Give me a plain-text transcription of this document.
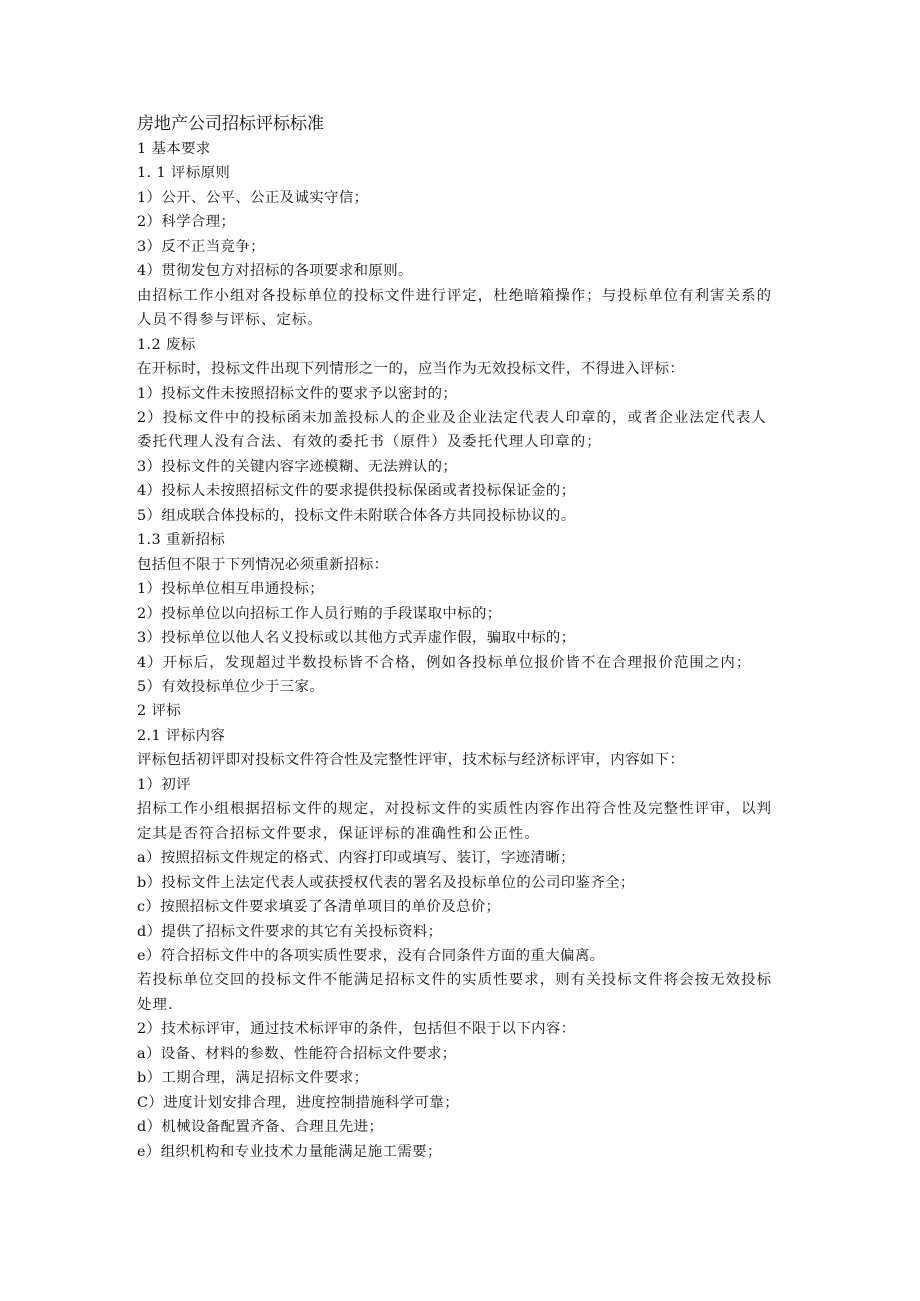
房地产公司招标评标标准
1 基本要求
1. 1 评标原则
1）公开、公平、公正及诚实守信；
2）科学合理；
3）反不正当竞争；
4）贯彻发包方对招标的各项要求和原则。
由招标工作小组对各投标单位的投标文件进行评定，杜绝暗箱操作；与投标单位有利害关系的人员不得参与评标、定标。
1.2 废标
在开标时，投标文件出现下列情形之一的，应当作为无效投标文件，不得进入评标：
1）投标文件未按照招标文件的要求予以密封的；
2）投标文件中的投标函未加盖投标人的企业及企业法定代表人印章的，或者企业法定代表人委托代理人没有合法、有效的委托书（原件）及委托代理人印章的；
3）投标文件的关键内容字迹模糊、无法辨认的；
4）投标人未按照招标文件的要求提供投标保函或者投标保证金的；
5）组成联合体投标的，投标文件未附联合体各方共同投标协议的。
1.3 重新招标
包括但不限于下列情况必须重新招标：
1）投标单位相互串通投标；
2）投标单位以向招标工作人员行贿的手段谋取中标的；
3）投标单位以他人名义投标或以其他方式弄虚作假，骗取中标的；
4）开标后，发现超过半数投标皆不合格，例如各投标单位报价皆不在合理报价范围之内；
5）有效投标单位少于三家。
2 评标
2.1 评标内容
评标包括初评即对投标文件符合性及完整性评审，技术标与经济标评审，内容如下：
1）初评
招标工作小组根据招标文件的规定，对投标文件的实质性内容作出符合性及完整性评审，以判定其是否符合招标文件要求，保证评标的准确性和公正性。
a）按照招标文件规定的格式、内容打印或填写、装订，字迹清晰；
b）投标文件上法定代表人或获授权代表的署名及投标单位的公司印鉴齐全；
c）按照招标文件要求填妥了各清单项目的单价及总价；
d）提供了招标文件要求的其它有关投标资料；
e）符合招标文件中的各项实质性要求，没有合同条件方面的重大偏离。
若投标单位交回的投标文件不能满足招标文件的实质性要求，则有关投标文件将会按无效投标处理.
2）技术标评审，通过技术标评审的条件，包括但不限于以下内容：
a）设备、材料的参数、性能符合招标文件要求；
b）工期合理，满足招标文件要求；
C）进度计划安排合理，进度控制措施科学可靠；
d）机械设备配置齐备、合理且先进；
e）组织机构和专业技术力量能满足施工需要；
